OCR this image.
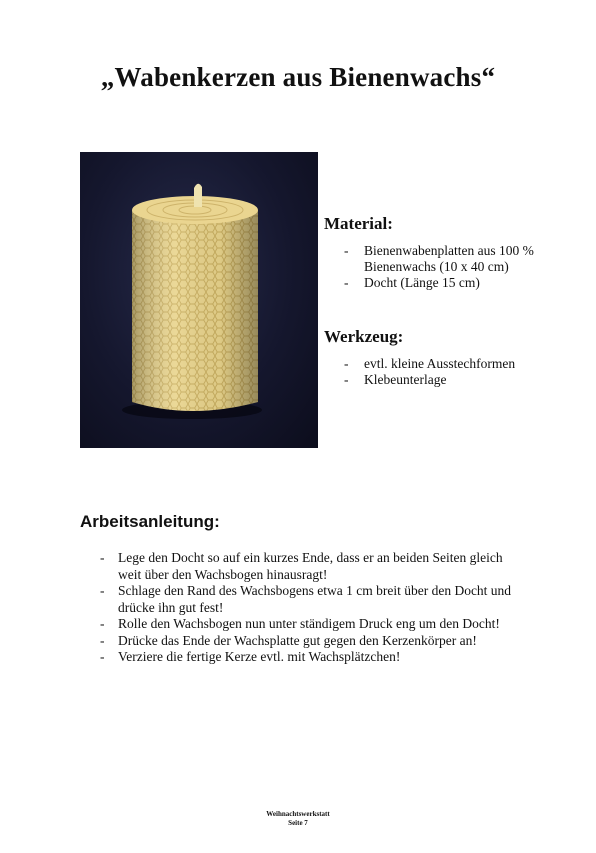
„Wabenkerzen aus Bienenwachs“
Material:
- Bienenwabenplatten aus 100 %
Bienenwachs (10 x 40 cm)
- Docht (Länge 15 cm)
Werkzeug:
- evtl. kleine Ausstechformen
- Klebeunterlage
Arbeitsanleitung:
- Lege den Docht so auf ein kurzes Ende, dass er an beiden Seiten gleich
weit über den Wachsbogen hinausragt!
- Schlage den Rand des Wachsbogens etwa 1 cm breit über den Docht und
drücke ihn gut fest!
- Rolle den Wachsbogen nun unter ständigem Druck eng um den Docht!
- Drücke das Ende der Wachsplatte gut gegen den Kerzenkörper an!
- Verziere die fertige Kerze evtl. mit Wachsplätzchen!
Weihnachtswerkstatt
Seite 7
